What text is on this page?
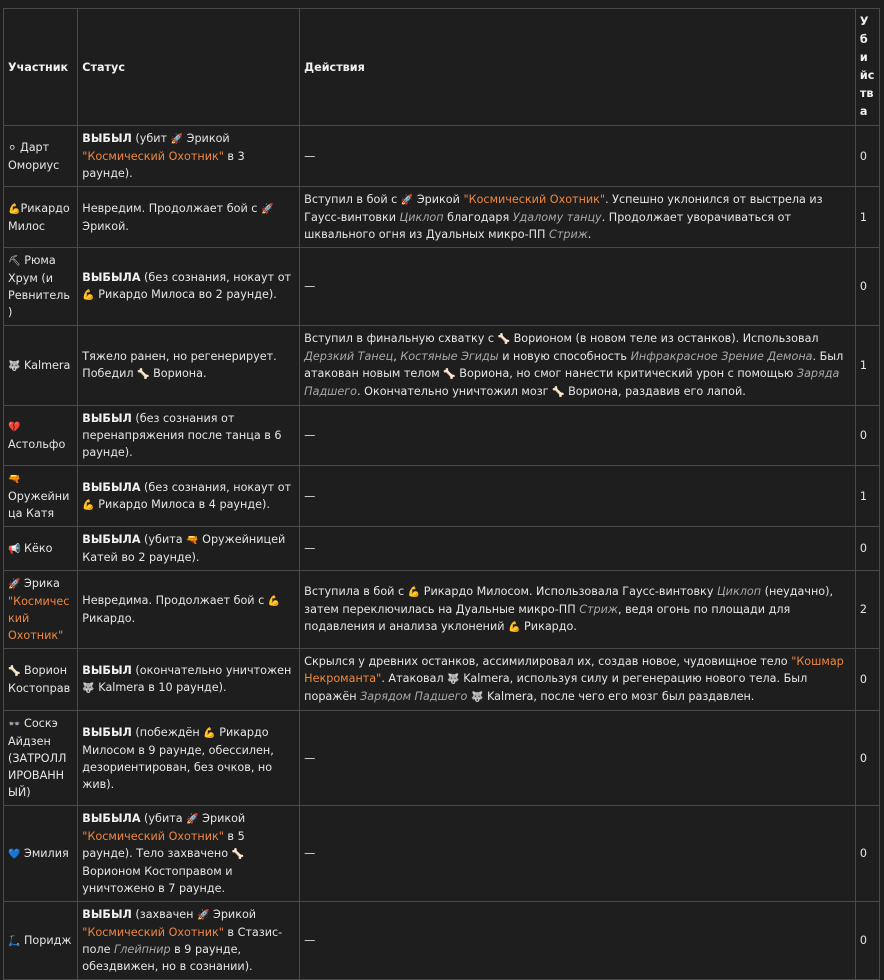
Участник	Статус	Действия	Убийства
⚪ Дарт Омориус	ВЫБЫЛ (убит 🚀 Эрикой
"Космический Охотник" в 3 раунде).	—	0
💪Рикардо Милос	Невредим. Продолжает бой с 🚀 Эрикой.	Вступил в бой с 🚀 Эрикой "Космический Охотник". Успешно уклонился от выстрела из Гаусс-винтовки Циклоп благодаря Удалому танцу. Продолжает уворачиваться от шквального огня из Дуальных микро-ПП Стриж.	1
⛏ Рюма Хрум (и Ревнитель)	ВЫБЫЛА (без сознания, нокаут от 💪 Рикардо Милоса во 2 раунде).	—	0
🐺 Kalmera	Тяжело ранен, но регенерирует. Победил 🦴 Вориона.	Вступил в финальную схватку с 🦴 Ворионом (в новом теле из останков). Использовал Дерзкий Танец, Костяные Эгиды и новую способность Инфракрасное Зрение Демона. Был атакован новым телом 🦴 Вориона, но смог нанести критический урон с помощью Заряда Падшего. Окончательно уничтожил мозг 🦴 Вориона, раздавив его лапой.	1
💔 Астольфо	ВЫБЫЛ (без сознания от перенапряжения после танца в 6 раунде).	—	0
🔫
Оружейница Катя	ВЫБЫЛА (без сознания, нокаут от 💪 Рикардо Милоса в 4 раунде).	—	1
📢 Кёко	ВЫБЫЛА (убита 🔫 Оружейницей Катей во 2 раунде).	—	0
🚀 Эрика
"Космический Охотник"	Невредима. Продолжает бой с 💪 Рикардо.	Вступила в бой с 💪 Рикардо Милосом. Использовала Гаусс-винтовку Циклоп (неудачно), затем переключилась на Дуальные микро-ПП Стриж, ведя огонь по площади для подавления и анализа уклонений 💪 Рикардо.	2
🦴 Ворион Костоправ	ВЫБЫЛ (окончательно уничтожен 🐺 Kalmera в 10 раунде).	Скрылся у древних останков, ассимилировал их, создав новое, чудовищное тело "Кошмар Некроманта". Атаковал 🐺 Kalmera, используя силу и регенерацию нового тела. Был поражён Зарядом Падшего 🐺 Kalmera, после чего его мозг был раздавлен.	0
👓 Соскэ Айдзен (ЗАТРОЛЛИРОВАННЫЙ)	ВЫБЫЛ (побеждён 💪 Рикардо Милосом в 9 раунде, обессилен, дезориентирован, без очков, но жив).	—	0
💙 Эмилия	ВЫБЫЛА (убита 🚀 Эрикой
"Космический Охотник" в 5 раунде). Тело захвачено 🦴 Ворионом Костоправом и уничтожено в 7 раунде.	—	0
🛴 Поридж	ВЫБЫЛ (захвачен 🚀 Эрикой
"Космический Охотник" в Стазис-поле Глейпнир в 9 раунде, обездвижен, но в сознании).	—	0
